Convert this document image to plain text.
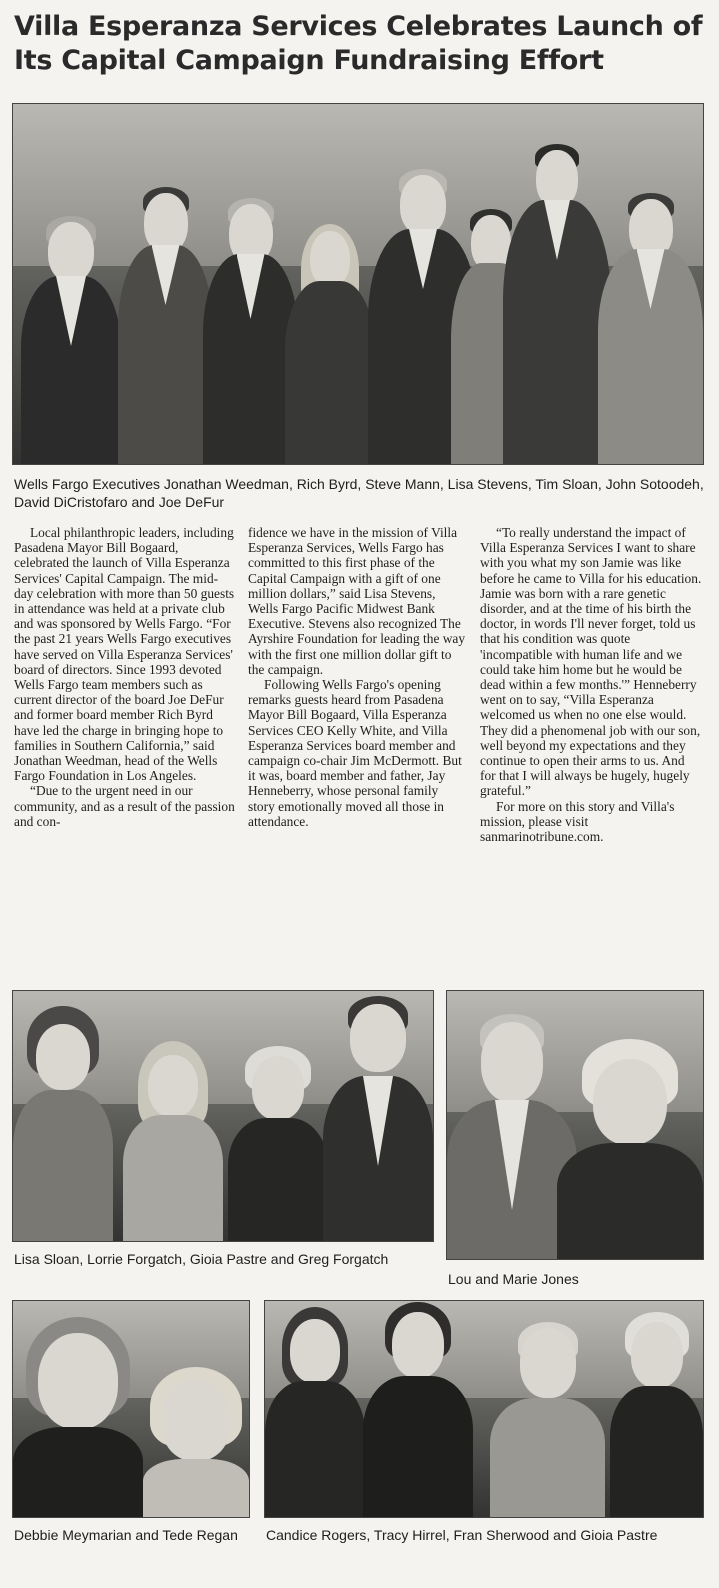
Villa Esperanza Services Celebrates Launch of Its Capital Campaign Fundraising Effort

Wells Fargo Executives Jonathan Weedman, Rich Byrd, Steve Mann, Lisa Stevens, Tim Sloan, John Sotoodeh, David DiCristofaro and Joe DeFur

Local philanthropic leaders, including Pasadena Mayor Bill Bogaard, celebrated the launch of Villa Esperanza Services' Capital Campaign. The mid-day celebration with more than 50 guests in attendance was held at a private club and was sponsored by Wells Fargo. “For the past 21 years Wells Fargo executives have served on Villa Esperanza Services' board of directors. Since 1993 devoted Wells Fargo team members such as current director of the board Joe DeFur and former board member Rich Byrd have led the charge in bringing hope to families in Southern California,” said Jonathan Weedman, head of the Wells Fargo Foundation in Los Angeles.

“Due to the urgent need in our community, and as a result of the passion and con-

fidence we have in the mission of Villa Esperanza Services, Wells Fargo has committed to this first phase of the Capital Campaign with a gift of one million dollars,” said Lisa Stevens, Wells Fargo Pacific Midwest Bank Executive. Stevens also recognized The Ayrshire Foundation for leading the way with the first one million dollar gift to the campaign.

Following Wells Fargo's opening remarks guests heard from Pasadena Mayor Bill Bogaard, Villa Esperanza Services CEO Kelly White, and Villa Esperanza Services board member and campaign co-chair Jim McDermott. But it was, board member and father, Jay Henneberry, whose personal family story emotionally moved all those in attendance.

“To really understand the impact of Villa Esperanza Services I want to share with you what my son Jamie was like before he came to Villa for his education. Jamie was born with a rare genetic disorder, and at the time of his birth the doctor, in words I'll never forget, told us that his condition was quote 'incompatible with human life and we could take him home but he would be dead within a few months.'” Henneberry went on to say, “Villa Esperanza welcomed us when no one else would. They did a phenomenal job with our son, well beyond my expectations and they continue to open their arms to us. And for that I will always be hugely, hugely grateful.”

For more on this story and Villa's mission, please visit sanmarinotribune.com.

Lisa Sloan, Lorrie Forgatch, Gioia Pastre and Greg Forgatch

Lou and Marie Jones

Debbie Meymarian and Tede Regan	Candice Rogers, Tracy Hirrel, Fran Sherwood and Gioia Pastre
